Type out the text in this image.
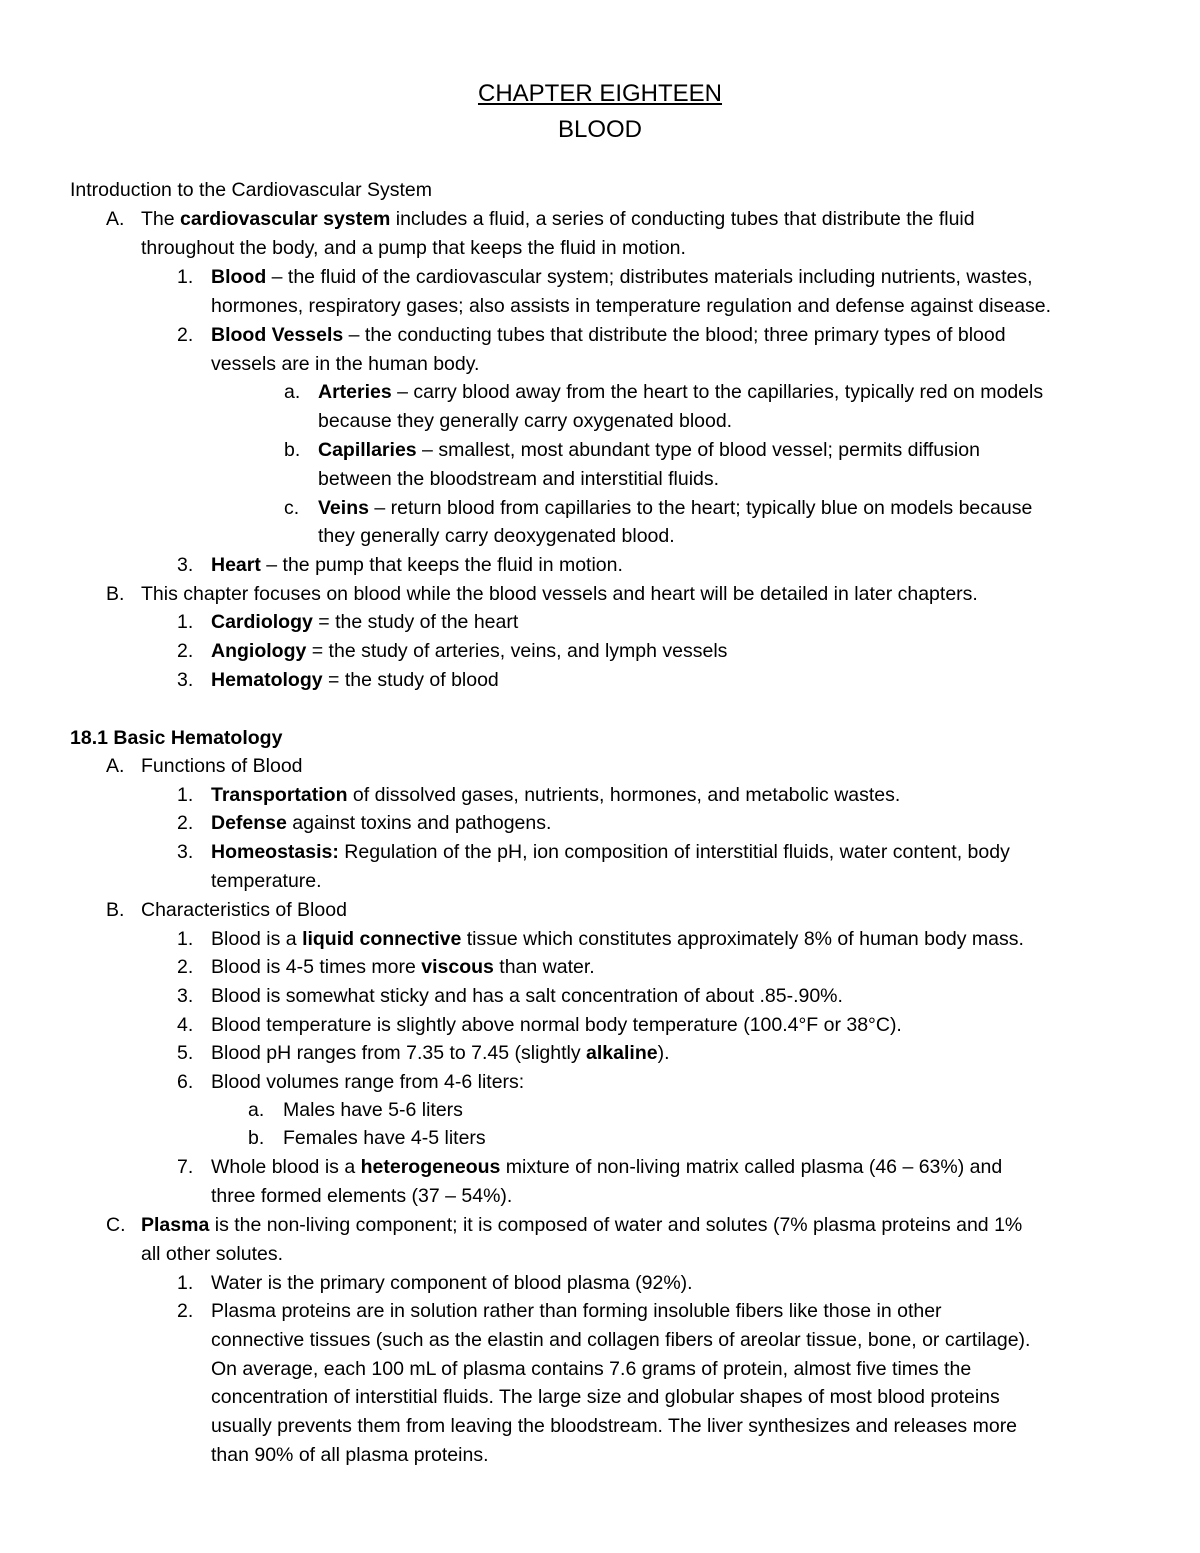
CHAPTER EIGHTEEN
BLOOD
Introduction to the Cardiovascular System
A. The cardiovascular system includes a fluid, a series of conducting tubes that distribute the fluid
throughout the body, and a pump that keeps the fluid in motion.
1. Blood – the fluid of the cardiovascular system; distributes materials including nutrients, wastes,
hormones, respiratory gases; also assists in temperature regulation and defense against disease.
2. Blood Vessels – the conducting tubes that distribute the blood; three primary types of blood
vessels are in the human body.
a. Arteries – carry blood away from the heart to the capillaries, typically red on models
because they generally carry oxygenated blood.
b. Capillaries – smallest, most abundant type of blood vessel; permits diffusion
between the bloodstream and interstitial fluids.
c. Veins – return blood from capillaries to the heart; typically blue on models because
they generally carry deoxygenated blood.
3. Heart – the pump that keeps the fluid in motion.
B. This chapter focuses on blood while the blood vessels and heart will be detailed in later chapters.
1. Cardiology = the study of the heart
2. Angiology = the study of arteries, veins, and lymph vessels
3. Hematology = the study of blood
18.1 Basic Hematology
A. Functions of Blood
1. Transportation of dissolved gases, nutrients, hormones, and metabolic wastes.
2. Defense against toxins and pathogens.
3. Homeostasis: Regulation of the pH, ion composition of interstitial fluids, water content, body
temperature.
B. Characteristics of Blood
1. Blood is a liquid connective tissue which constitutes approximately 8% of human body mass.
2. Blood is 4-5 times more viscous than water.
3. Blood is somewhat sticky and has a salt concentration of about .85-.90%.
4. Blood temperature is slightly above normal body temperature (100.4°F or 38°C).
5. Blood pH ranges from 7.35 to 7.45 (slightly alkaline).
6. Blood volumes range from 4-6 liters:
a. Males have 5-6 liters
b. Females have 4-5 liters
7. Whole blood is a heterogeneous mixture of non-living matrix called plasma (46 – 63%) and
three formed elements (37 – 54%).
C. Plasma is the non-living component; it is composed of water and solutes (7% plasma proteins and 1%
all other solutes.
1. Water is the primary component of blood plasma (92%).
2. Plasma proteins are in solution rather than forming insoluble fibers like those in other
connective tissues (such as the elastin and collagen fibers of areolar tissue, bone, or cartilage).
On average, each 100 mL of plasma contains 7.6 grams of protein, almost five times the
concentration of interstitial fluids. The large size and globular shapes of most blood proteins
usually prevents them from leaving the bloodstream. The liver synthesizes and releases more
than 90% of all plasma proteins.
